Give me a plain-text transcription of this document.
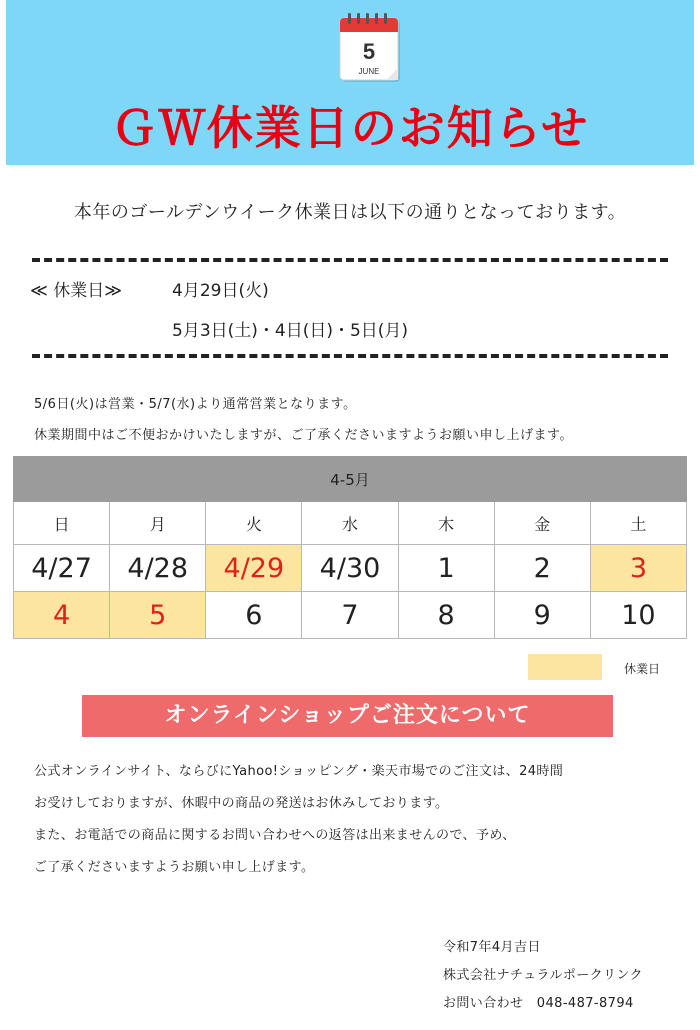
5
JUNE
ＧＷ休業日のお知らせ
本年のゴールデンウイーク休業日は以下の通りとなっております。
≪ 休業日≫	4月29日(火)
5月3日(土)・4日(日)・5日(月)
5/6日(火)は営業・5/7(水)より通常営業となります。
休業期間中はご不便おかけいたしますが、ご了承くださいますようお願い申し上げます。
4-5月						
日	月	火	水	木	金	土
4/27	4/28	4/29	4/30	1	2	3
4	5	6	7	8	9	10
休業日
オンラインショップご注文について
公式オンラインサイト、ならびにYahoo!ショッピング・楽天市場でのご注文は、24時間
お受けしておりますが、休暇中の商品の発送はお休みしております。
また、お電話での商品に関するお問い合わせへの返答は出来ませんので、予め、
ご了承くださいますようお願い申し上げます。
令和7年4月吉日
株式会社ナチュラルポークリンク
お問い合わせ　048-487-8794
